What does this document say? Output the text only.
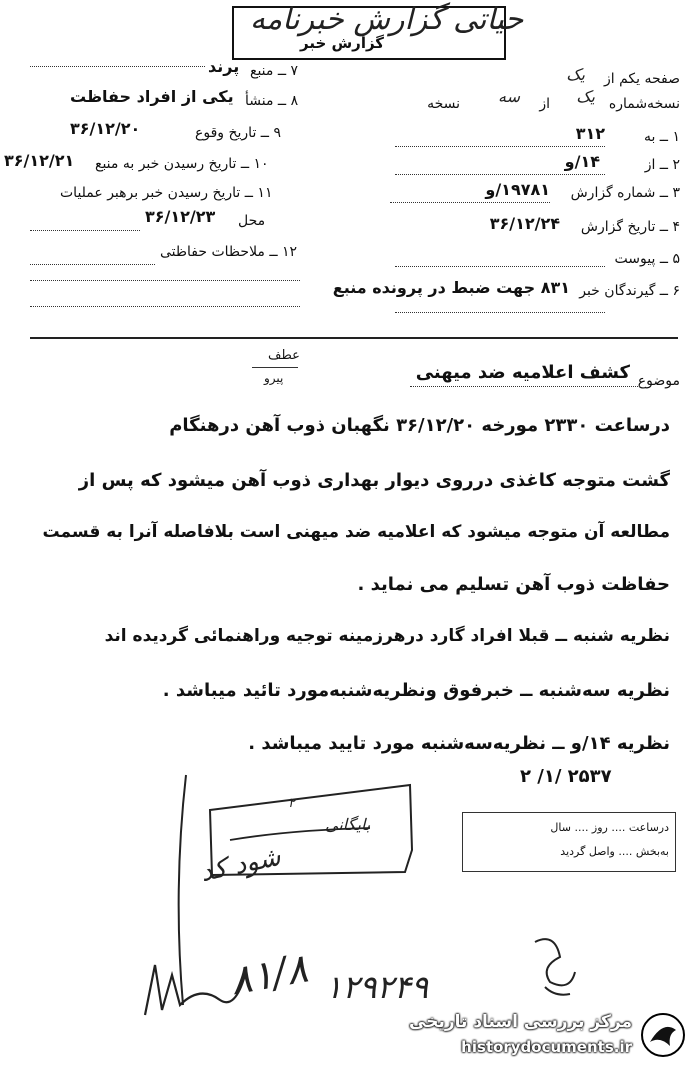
حیاتی گزارش خبرنامه
گزارش خبر
صفحه یکم از
یک
نسخه‌شماره
یک
از
سه
نسخه
۱ ــ به
۳۱۲
۲ ــ از
۱۴/و
۳ ــ شماره گزارش
۱۹۷۸۱/و
۴ ــ تاریخ گزارش
۳۶/۱۲/۲۴
۵ ــ پیوست
۶ ــ گیرندگان خبر
۸۳۱ جهت ضبط در پرونده منبع
پرند ۷ ــ منبع
یکی از افراد حفاظت ۸ ــ منشأ
۳۶/۱۲/۲۰	۹ ــ تاریخ وقوع
۳۶/۱۲/۲۱ ۱۰ ــ تاریخ رسیدن خبر به منبع
۱۱ ــ تاریخ رسیدن خبر برهبر عملیات
۳۶/۱۲/۲۳ محل
۱۲ ــ ملاحظات حفاظتی
عطف
پیرو	موضوع
کشف اعلامیه ضد میهنی
درساعت ۲۳۳۰ مورخه ۳۶/۱۲/۲۰ نگهبان ذوب آهن درهنگام
گشت متوجه کاغذی درروی دیوار بهداری ذوب آهن میشود که پس از
مطالعه آن متوجه میشود که اعلامیه ضد میهنی است بلافاصله آنرا به قسمت
حفاظت ذوب آهن تسلیم می نماید .
نظریه شنبه ــ قبلا افراد گارد درهرزمینه توجیه وراهنمائی گردیده اند
نظریه سه‌شنبه ــ خبرفوق ونظریه‌شنبه‌مورد تائید میباشد .
نظریه ۱۴/و ــ نظریه‌سه‌شنبه مورد تایید میباشد .
۲ /۱/ ۲۵۳۷
بایگانی
۲
درساعت .... روز .... سال
به‌بخش .... واصل گردید
شود کد
۱۲۹۲۴۹
۸۱/۸
مرکز بررسی اسناد تاریخی
historydocuments.ir
